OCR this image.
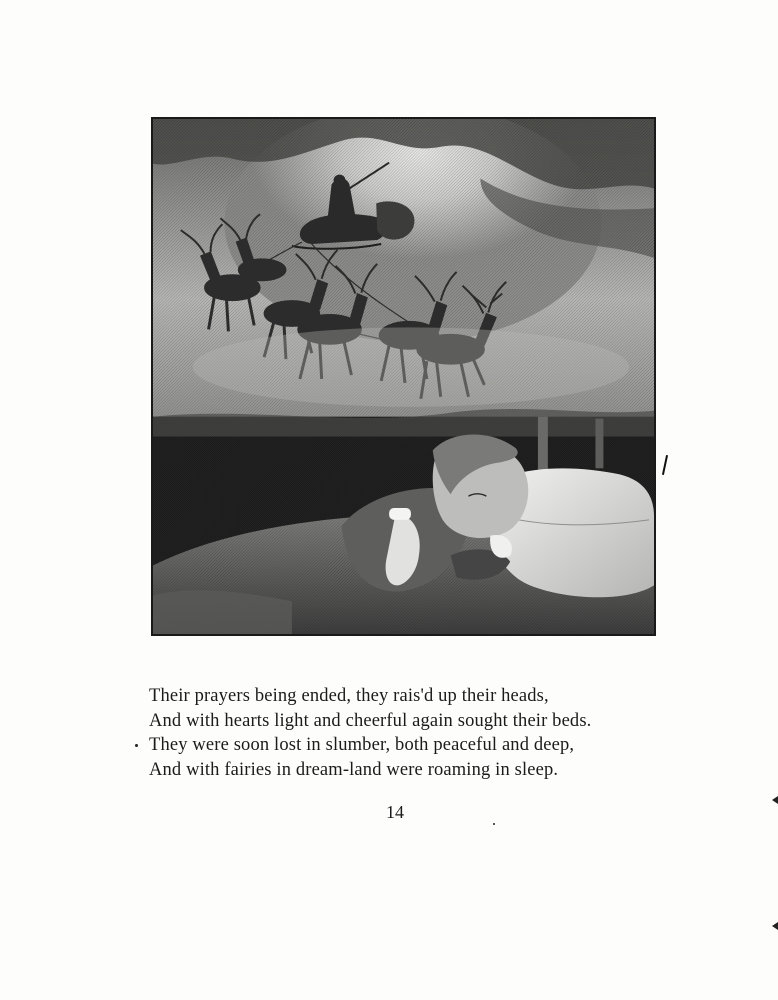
Their prayers being ended, they rais'd up their heads,
And with hearts light and cheerful again sought their beds.
They were soon lost in slumber, both peaceful and deep,
And with fairies in dream-land were roaming in sleep.
14
